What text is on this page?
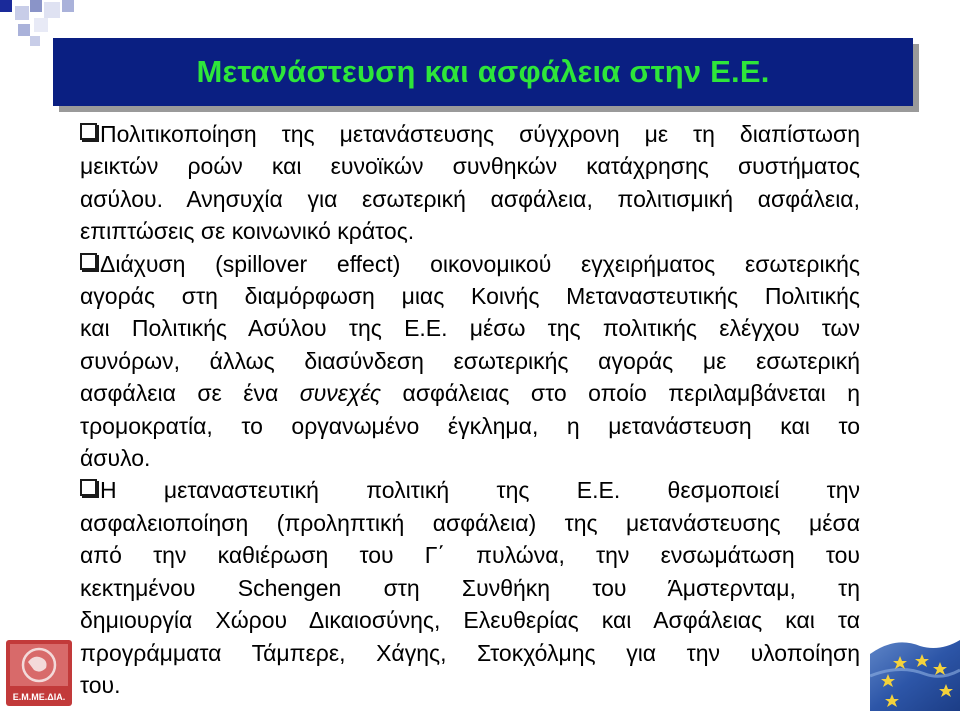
Μετανάστευση και ασφάλεια στην Ε.Ε.
Πολιτικοποίηση της μετανάστευσης σύγχρονη με τη διαπίστωση
μεικτών ροών και ευνοϊκών συνθηκών κατάχρησης συστήματος
ασύλου. Ανησυχία για εσωτερική ασφάλεια, πολιτισμική ασφάλεια,
επιπτώσεις σε κοινωνικό κράτος.
Διάχυση (spillover effect) οικονομικού εγχειρήματος εσωτερικής
αγοράς στη διαμόρφωση μιας Κοινής Μεταναστευτικής Πολιτικής
και Πολιτικής Ασύλου της Ε.Ε. μέσω της πολιτικής ελέγχου των
συνόρων, άλλως διασύνδεση εσωτερικής αγοράς με εσωτερική
ασφάλεια σε ένα συνεχές ασφάλειας στο οποίο περιλαμβάνεται η
τρομοκρατία, το οργανωμένο έγκλημα, η μετανάστευση και το
άσυλο.
Η μεταναστευτική πολιτική της Ε.Ε. θεσμοποιεί την
ασφαλειοποίηση (προληπτική ασφάλεια) της μετανάστευσης μέσα
από την καθιέρωση του Γ΄ πυλώνα, την ενσωμάτωση του
κεκτημένου Schengen στη Συνθήκη του Άμστερνταμ, τη
δημιουργία Χώρου Δικαιοσύνης, Ελευθερίας και Ασφάλειας και τα
προγράμματα Τάμπερε, Χάγης, Στοκχόλμης για την υλοποίηση
του.
Ε.Μ.ΜΕ.ΔΙΑ.
